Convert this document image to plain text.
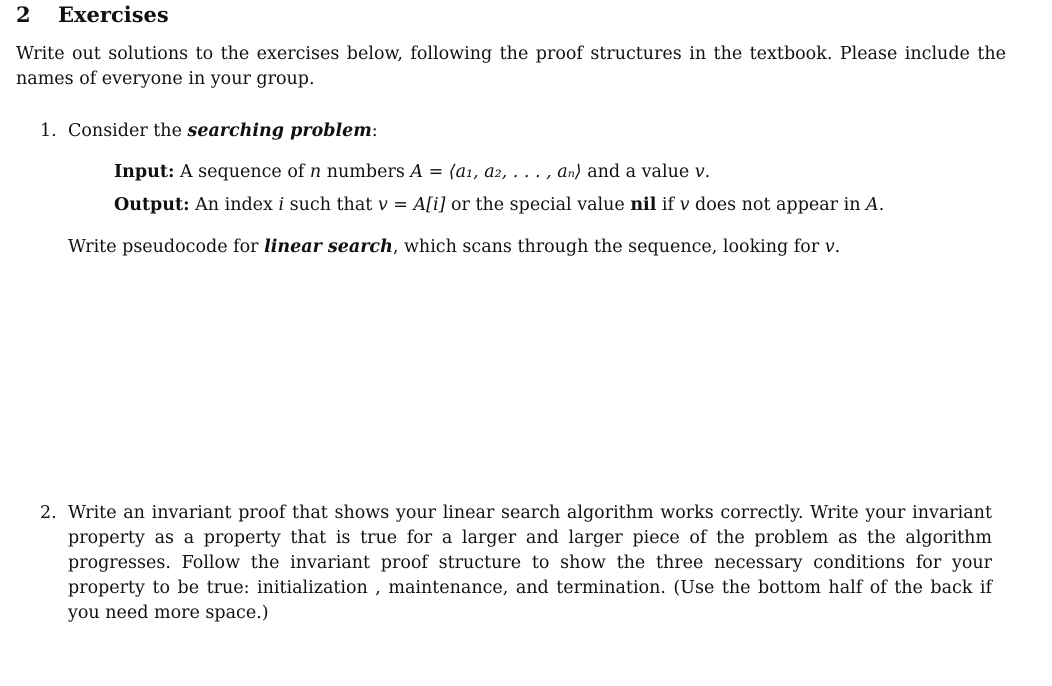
2 Exercises
Write out solutions to the exercises below, following the proof structures in the textbook. Please include the names of everyone in your group.
1. Consider the searching problem:
Input: A sequence of n numbers A = ⟨a₁, a₂, . . . , aₙ⟩ and a value v.
Output: An index i such that v = A[i] or the special value nil if v does not appear in A.
Write pseudocode for linear search, which scans through the sequence, looking for v.
2. Write an invariant proof that shows your linear search algorithm works correctly. Write your invariant property as a property that is true for a larger and larger piece of the problem as the algorithm progresses. Follow the invariant proof structure to show the three necessary conditions for your property to be true: initialization , maintenance, and termination. (Use the bottom half of the back if you need more space.)
